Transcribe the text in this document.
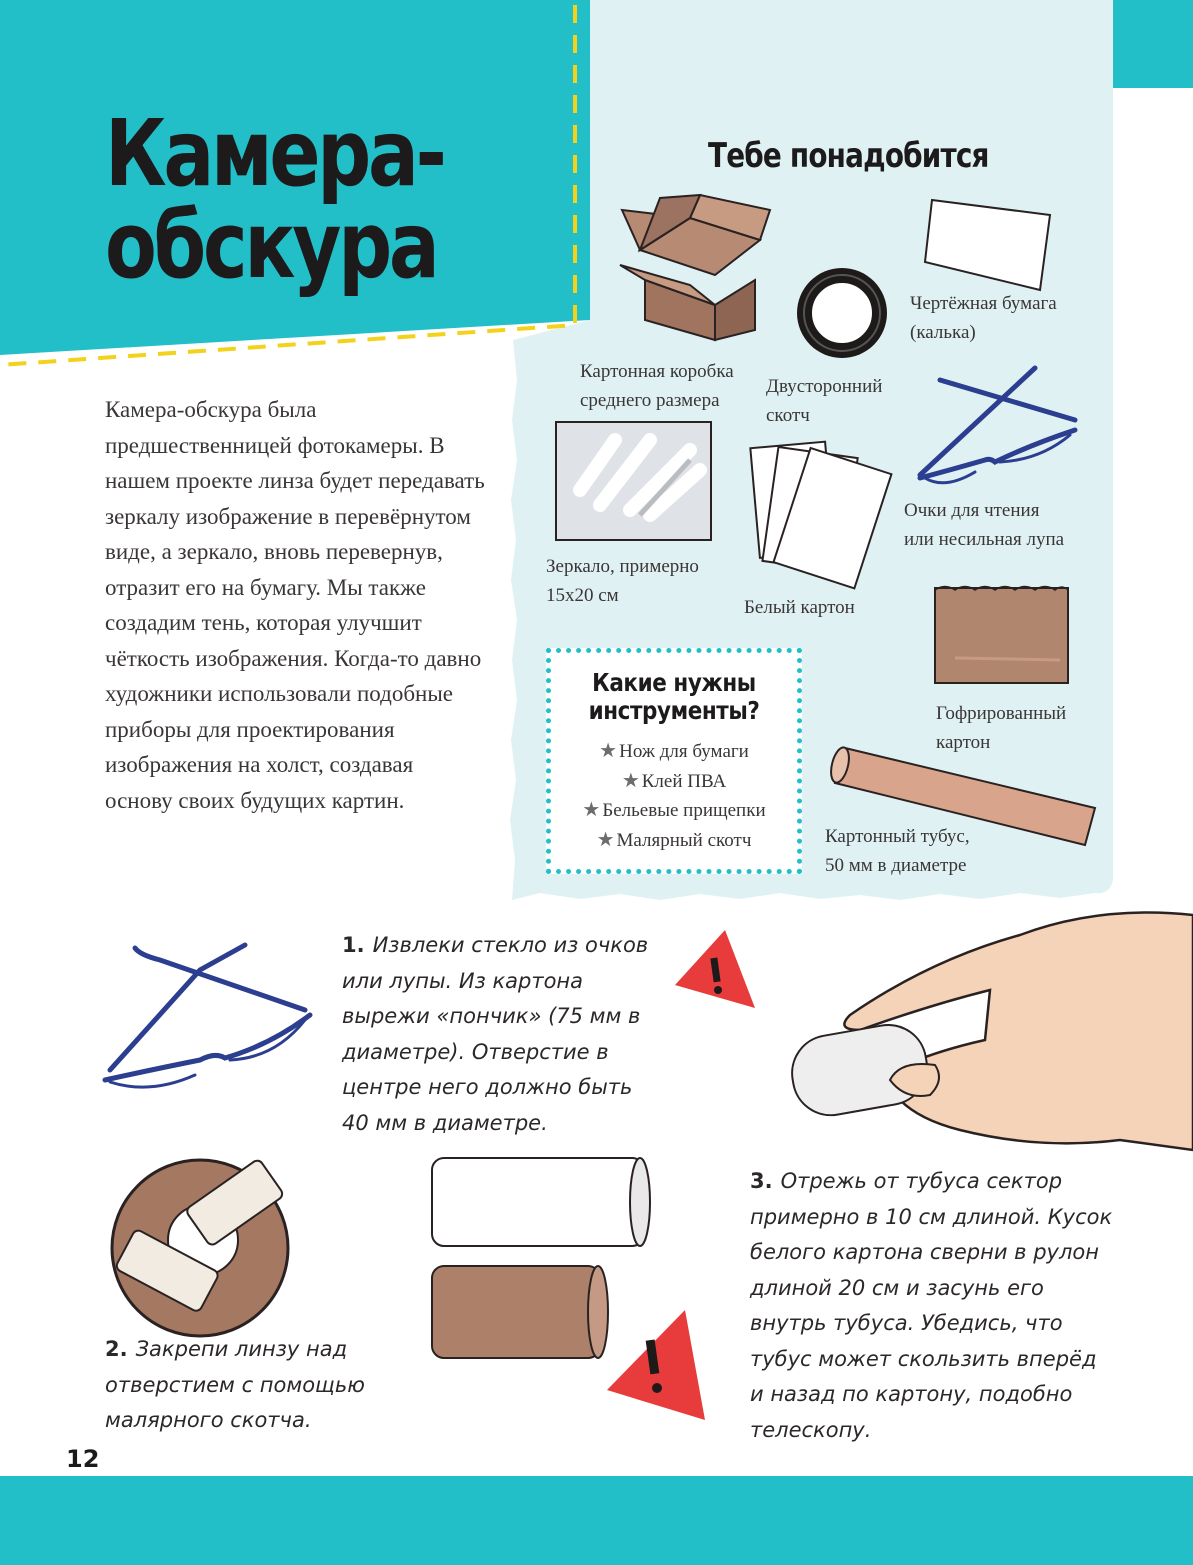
Камера-
обскура

Камера-обскура была предшественницей фотокамеры. В нашем проекте линза будет передавать зеркалу изображение в перевёрнутом виде, а зеркало, вновь перевернув, отразит его на бумагу. Мы также создадим тень, которая улучшит чёткость изображения. Когда-то давно художники использовали подобные приборы для проектирования изображения на холст, создавая основу своих будущих картин.

Тебе понадобится
Картонная коробка
среднего размера
Двусторонний
скотч
Чертёжная бумага
(калька)
Зеркало, примерно
15x20 см
Белый картон
Очки для чтения
или несильная лупа
Гофрированный
картон
Картонный тубус,
50 мм в диаметре
Какие нужны
инструменты?
★ Нож для бумаги
★ Клей ПВА
★ Бельевые прищепки
★ Малярный скотч
1. Извлеки стекло из очков
или лупы. Из картона
вырежи «пончик» (75 мм в
диаметре). Отверстие в
центре него должно быть
40 мм в диаметре.
2. Закрепи линзу над
отверстием с помощью
малярного скотча.
3. Отрежь от тубуса сектор
примерно в 10 см длиной. Кусок
белого картона сверни в рулон
длиной 20 см и засунь его
внутрь тубуса. Убедись, что
тубус может скользить вперёд
и назад по картону, подобно
телескопу.
12
